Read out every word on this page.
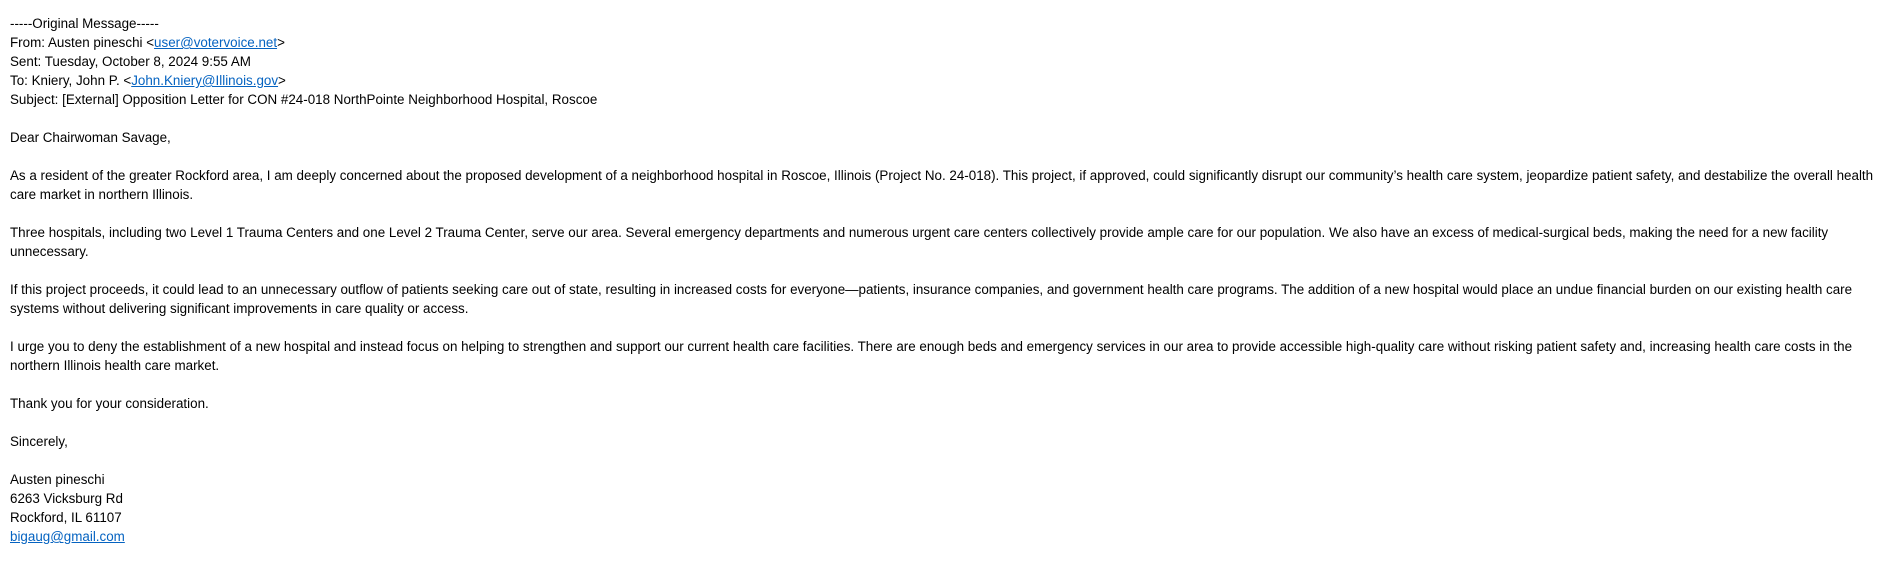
-----Original Message-----
From: Austen pineschi <user@votervoice.net>
Sent: Tuesday, October 8, 2024 9:55 AM
To: Kniery, John P. <John.Kniery@Illinois.gov>
Subject: [External] Opposition Letter for CON #24-018 NorthPointe Neighborhood Hospital, Roscoe
Dear Chairwoman Savage,

As a resident of the greater Rockford area, I am deeply concerned about the proposed development of a neighborhood hospital in Roscoe, Illinois (Project No. 24-018). This project, if approved, could significantly disrupt our community’s health care system, jeopardize patient safety, and destabilize the overall health care market in northern Illinois.

Three hospitals, including two Level 1 Trauma Centers and one Level 2 Trauma Center, serve our area. Several emergency departments and numerous urgent care centers collectively provide ample care for our population. We also have an excess of medical-surgical beds, making the need for a new facility unnecessary.

If this project proceeds, it could lead to an unnecessary outflow of patients seeking care out of state, resulting in increased costs for everyone—patients, insurance companies, and government health care programs. The addition of a new hospital would place an undue financial burden on our existing health care systems without delivering significant improvements in care quality or access.

I urge you to deny the establishment of a new hospital and instead focus on helping to strengthen and support our current health care facilities. There are enough beds and emergency services in our area to provide accessible high-quality care without risking patient safety and, increasing health care costs in the northern Illinois health care market.

Thank you for your consideration.
Sincerely,
Austen pineschi
6263 Vicksburg Rd
Rockford, IL 61107
bigaug@gmail.com
